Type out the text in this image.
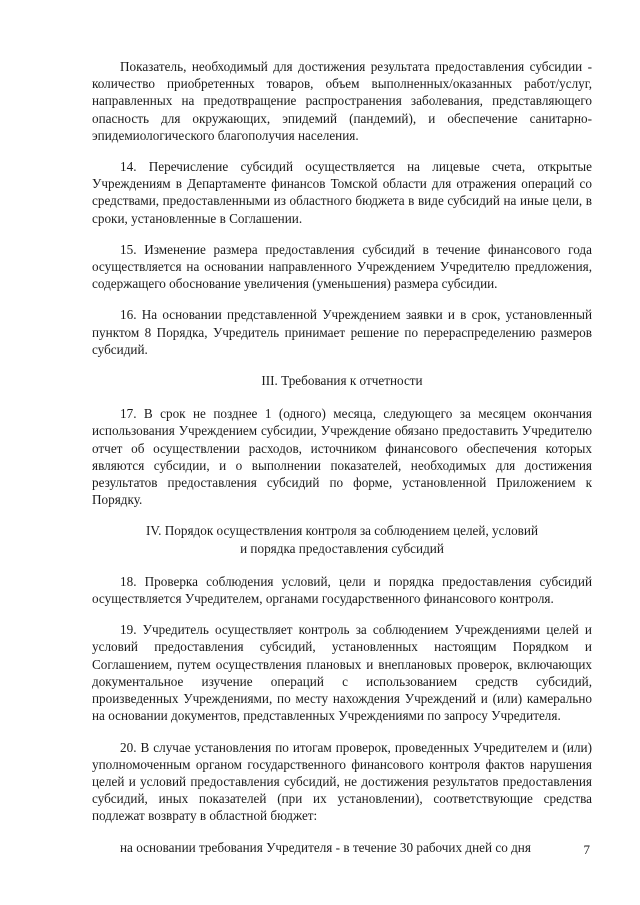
Показатель, необходимый для достижения результата предоставления субсидии - количество приобретенных товаров, объем выполненных/оказанных работ/услуг, направленных на предотвращение распространения заболевания, представляющего опасность для окружающих, эпидемий (пандемий), и обеспечение санитарно-эпидемиологического благополучия населения.

14. Перечисление субсидий осуществляется на лицевые счета, открытые Учреждениям в Департаменте финансов Томской области для отражения операций со средствами, предоставленными из областного бюджета в виде субсидий на иные цели, в сроки, установленные в Соглашении.

15. Изменение размера предоставления субсидий в течение финансового года осуществляется на основании направленного Учреждением Учредителю предложения, содержащего обоснование увеличения (уменьшения) размера субсидии.

16. На основании представленной Учреждением заявки и в срок, установленный пунктом 8 Порядка, Учредитель принимает решение по перераспределению размеров субсидий.

III. Требования к отчетности

17. В срок не позднее 1 (одного) месяца, следующего за месяцем окончания использования Учреждением субсидии, Учреждение обязано предоставить Учредителю отчет об осуществлении расходов, источником финансового обеспечения которых являются субсидии, и о выполнении показателей, необходимых для достижения результатов предоставления субсидий по форме, установленной Приложением к Порядку.

IV. Порядок осуществления контроля за соблюдением целей, условий
и порядка предоставления субсидий

18. Проверка соблюдения условий, цели и порядка предоставления субсидий осуществляется Учредителем, органами государственного финансового контроля.

19. Учредитель осуществляет контроль за соблюдением Учреждениями целей и условий предоставления субсидий, установленных настоящим Порядком и Соглашением, путем осуществления плановых и внеплановых проверок, включающих документальное изучение операций с использованием средств субсидий, произведенных Учреждениями, по месту нахождения Учреждений и (или) камерально на основании документов, представленных Учреждениями по запросу Учредителя.

20. В случае установления по итогам проверок, проведенных Учредителем и (или) уполномоченным органом государственного финансового контроля фактов нарушения целей и условий предоставления субсидий, не достижения результатов предоставления субсидий, иных показателей (при их установлении), соответствующие средства подлежат возврату в областной бюджет:

на основании требования Учредителя - в течение 30 рабочих дней со дня	7
